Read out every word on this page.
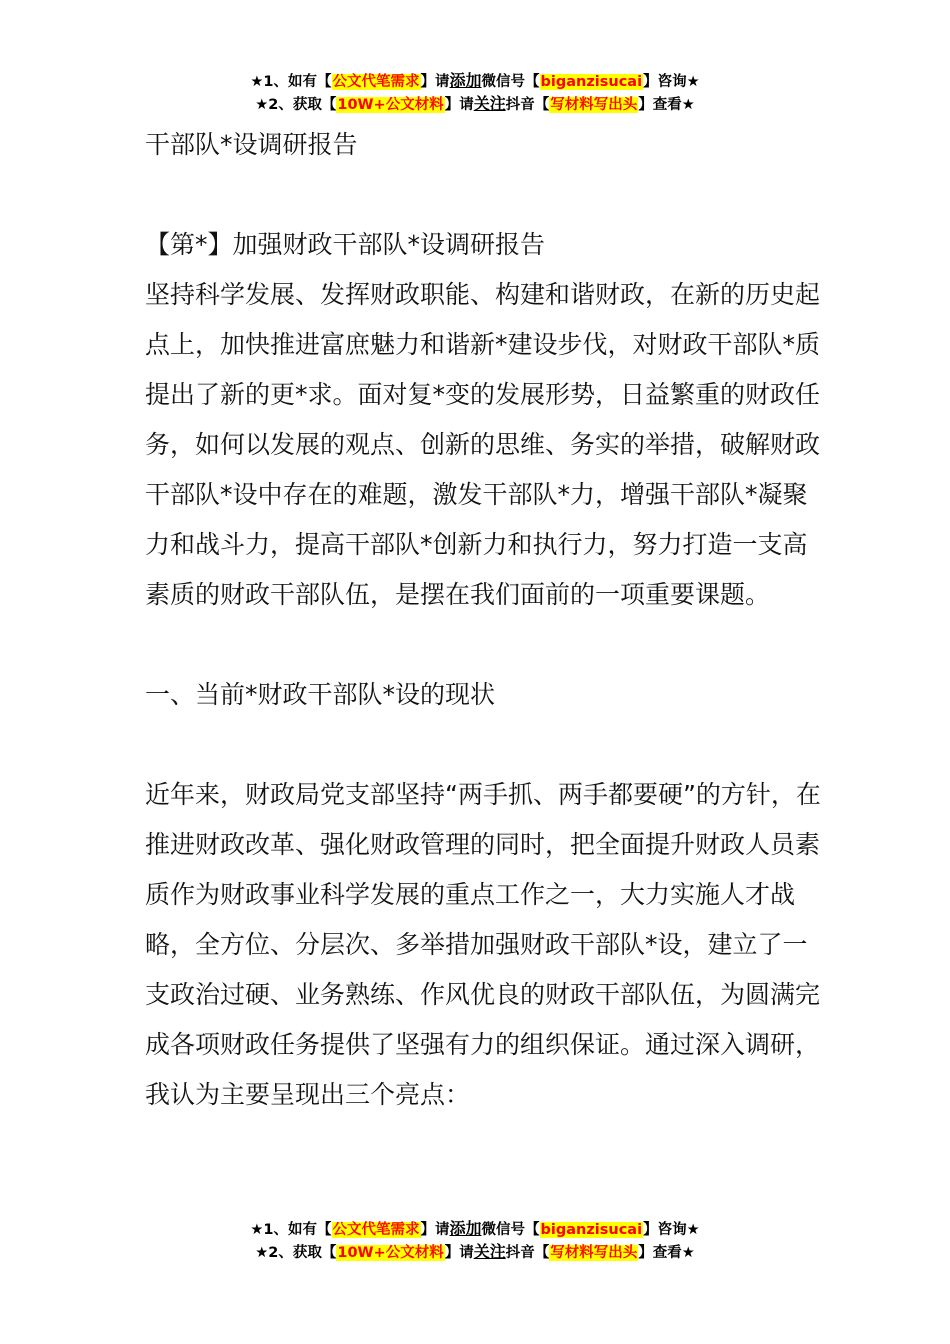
★1、如有【公文代笔需求】请添加微信号【biganzisucai】咨询★
★2、获取【10W+公文材料】请关注抖音【写材料写出头】查看★

干部队*设调研报告

【第*】加强财政干部队*设调研报告

坚持科学发展、发挥财政职能、构建和谐财政，在新的历史起点上，加快推进富庶魅力和谐新*建设步伐，对财政干部队*质提出了新的更*求。面对复*变的发展形势，日益繁重的财政任务，如何以发展的观点、创新的思维、务实的举措，破解财政干部队*设中存在的难题，激发干部队*力，增强干部队*凝聚力和战斗力，提高干部队*创新力和执行力，努力打造一支高素质的财政干部队伍，是摆在我们面前的一项重要课题。

一、当前*财政干部队*设的现状

近年来，财政局党支部坚持“两手抓、两手都要硬”的方针，在推进财政改革、强化财政管理的同时，把全面提升财政人员素质作为财政事业科学发展的重点工作之一，大力实施人才战略，全方位、分层次、多举措加强财政干部队*设，建立了一支政治过硬、业务熟练、作风优良的财政干部队伍，为圆满完成各项财政任务提供了坚强有力的组织保证。通过深入调研，我认为主要呈现出三个亮点：

★1、如有【公文代笔需求】请添加微信号【biganzisucai】咨询★
★2、获取【10W+公文材料】请关注抖音【写材料写出头】查看★
